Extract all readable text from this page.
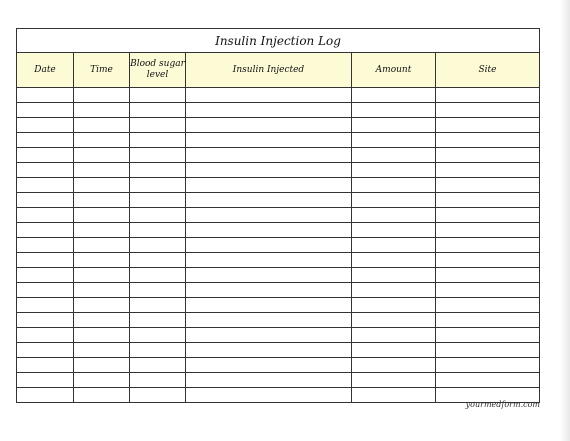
Insulin Injection Log					
Date	Time	Blood sugar level	Insulin Injected	Amount	Site

yourmedform.com
